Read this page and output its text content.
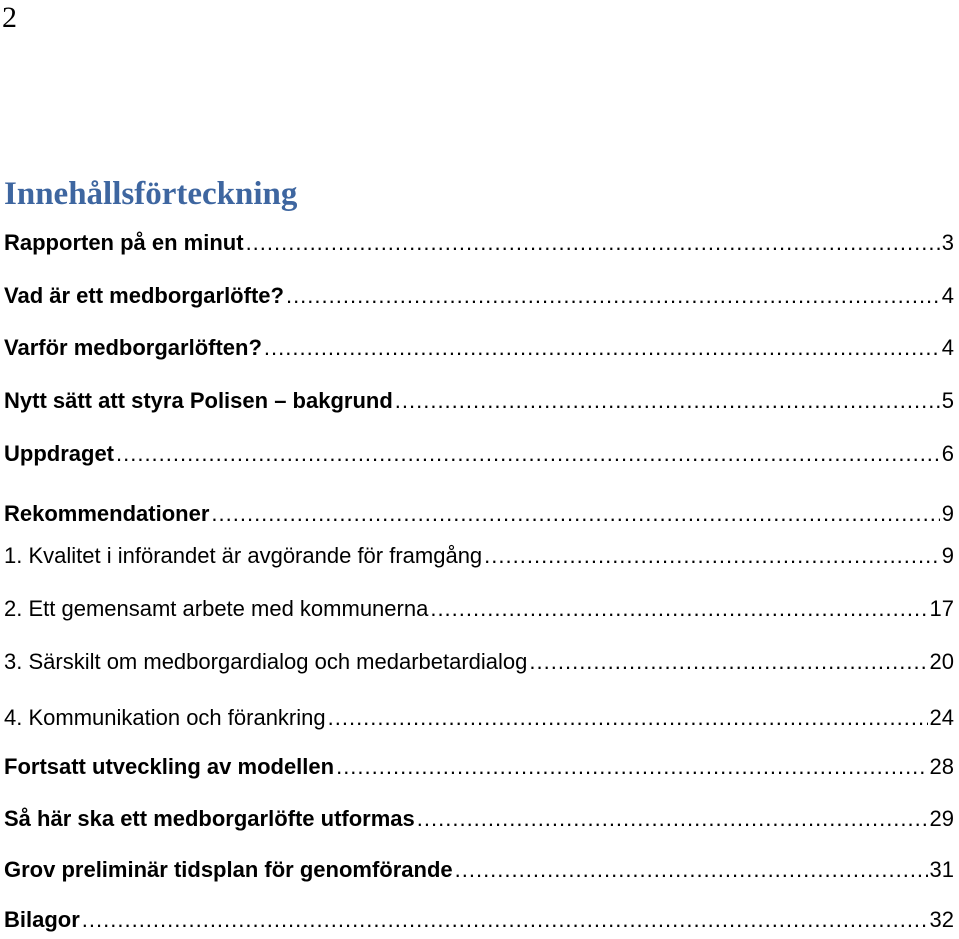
2
Innehållsförteckning
Rapporten på en minut .....	3
Vad är ett medborgarlöfte? .....	4
Varför medborgarlöften? .....	4
Nytt sätt att styra Polisen – bakgrund .....	5
Uppdraget .....	6
Rekommendationer .....	9
1. Kvalitet i införandet är avgörande för framgång .....	9
2. Ett gemensamt arbete med kommunerna .....	17
3. Särskilt om medborgardialog och medarbetardialog .....	20
4. Kommunikation och förankring .....	24
Fortsatt utveckling av modellen .....	28
Så här ska ett medborgarlöfte utformas .....	29
Grov preliminär tidsplan för genomförande .....	31
Bilagor .....	32
